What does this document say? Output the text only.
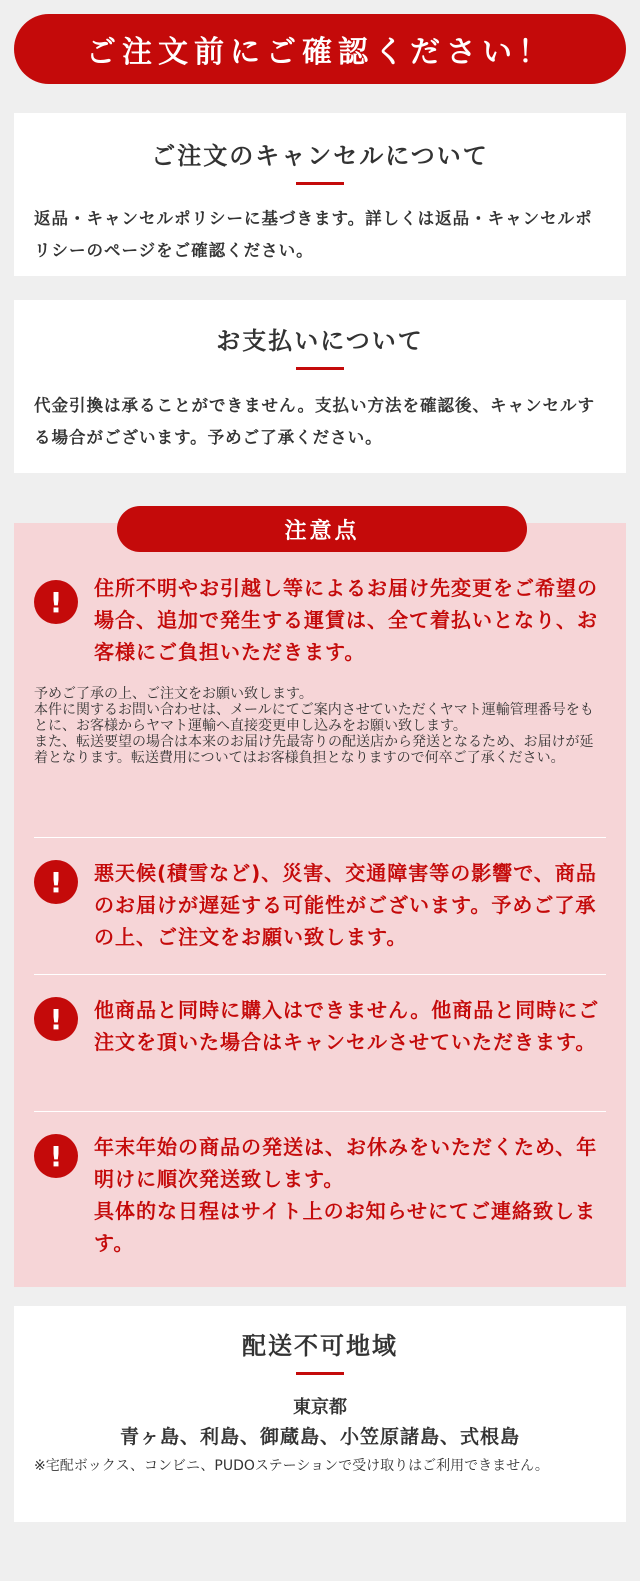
ご注文前にご確認ください！
ご注文のキャンセルについて
返品・キャンセルポリシーに基づきます。詳しくは返品・キャンセルポリシーのページをご確認ください。
お支払いについて
代金引換は承ることができません。支払い方法を確認後、キャンセルする場合がございます。予めご了承ください。
注意点
!	住所不明やお引越し等によるお届け先変更をご希望の場合、追加で発生する運賃は、全て着払いとなり、お客様にご負担いただきます。
予めご了承の上、ご注文をお願い致します。
本件に関するお問い合わせは、メールにてご案内させていただくヤマト運輸管理番号をもとに、お客様からヤマト運輸へ直接変更申し込みをお願い致します。
また、転送要望の場合は本来のお届け先最寄りの配送店から発送となるため、お届けが延着となります。転送費用についてはお客様負担となりますので何卒ご了承ください。
!	悪天候(積雪など)、災害、交通障害等の影響で、商品のお届けが遅延する可能性がございます。予めご了承の上、ご注文をお願い致します。
!	他商品と同時に購入はできません。他商品と同時にご注文を頂いた場合はキャンセルさせていただきます。
!	年末年始の商品の発送は、お休みをいただくため、年明けに順次発送致します。
具体的な日程はサイト上のお知らせにてご連絡致します。
配送不可地域
東京都
青ヶ島、利島、御蔵島、小笠原諸島、式根島
※宅配ボックス、コンビニ、PUDOステーションで受け取りはご利用できません。
